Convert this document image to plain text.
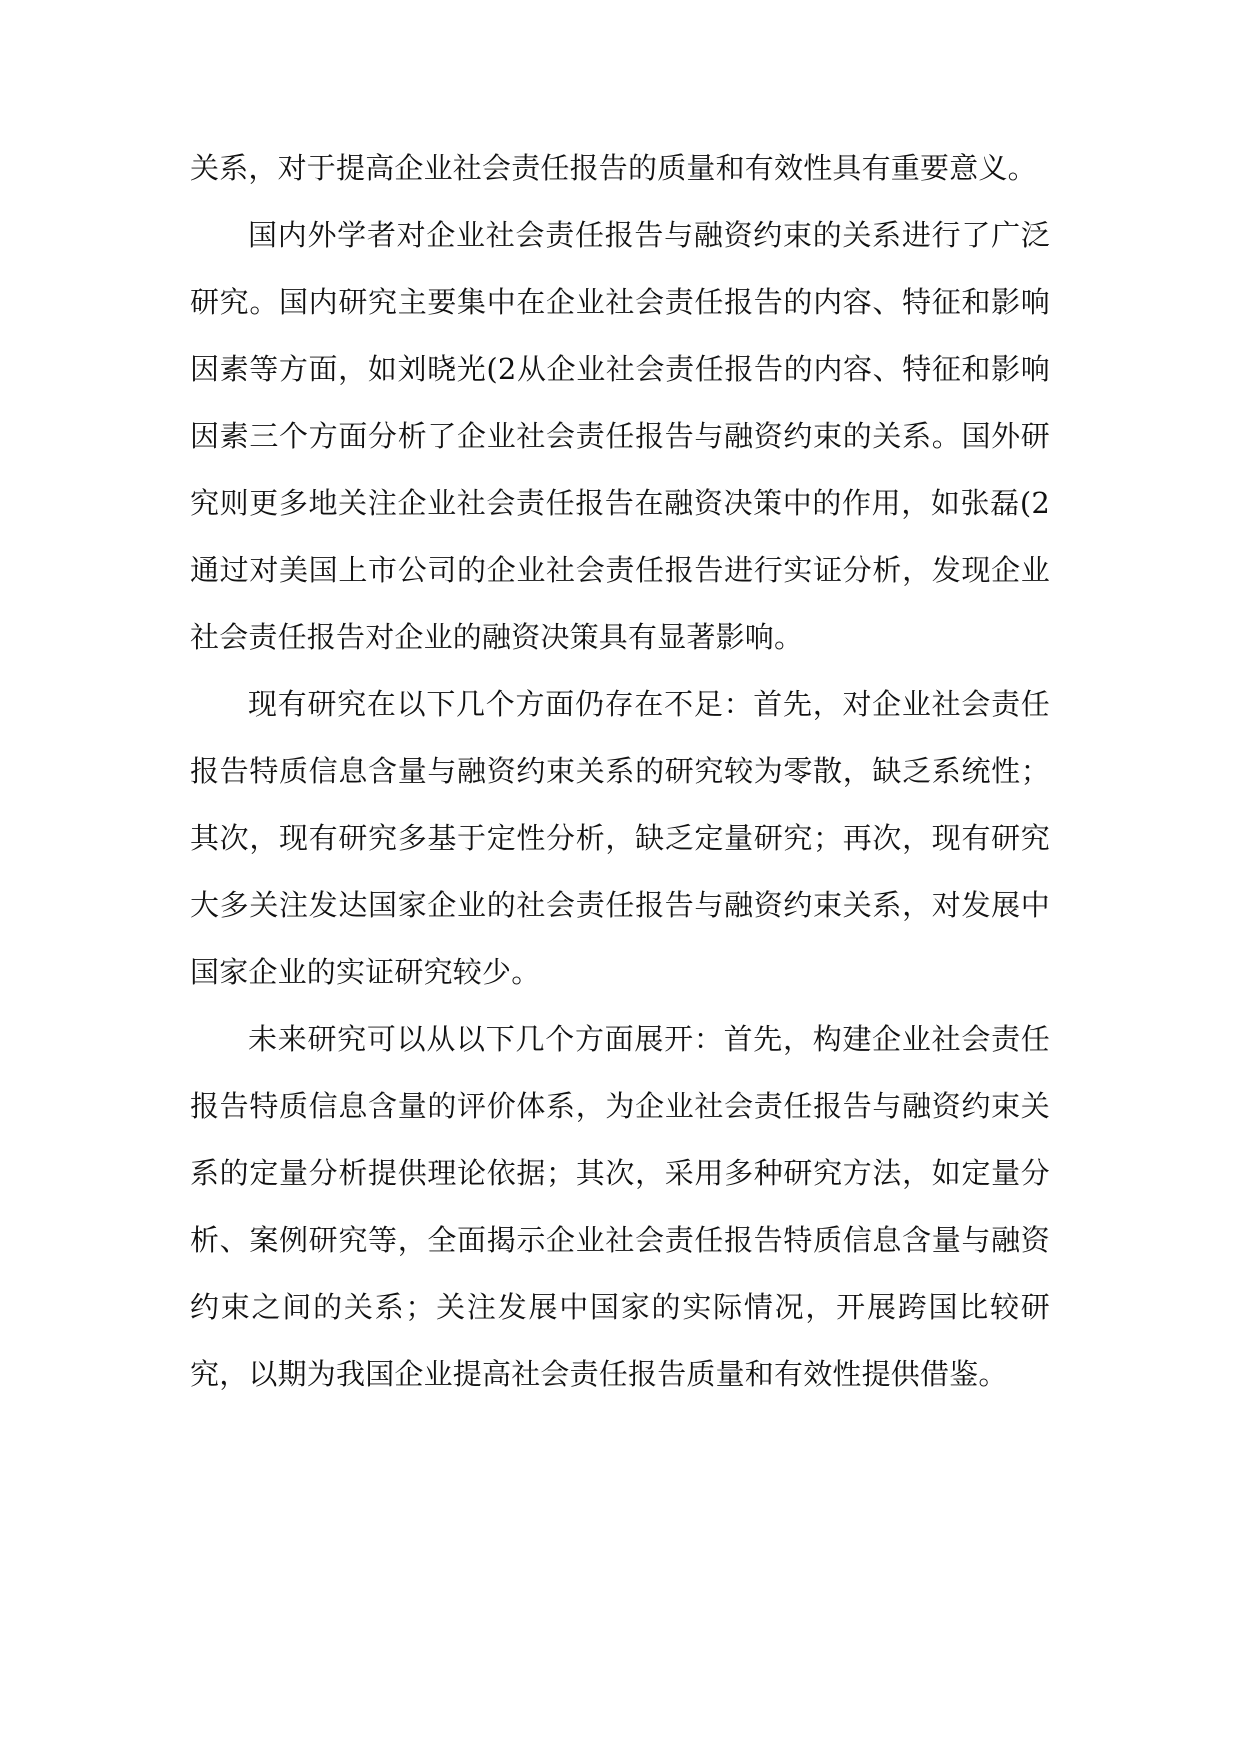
关系，对于提高企业社会责任报告的质量和有效性具有重要意义。

国内外学者对企业社会责任报告与融资约束的关系进行了广泛研究。国内研究主要集中在企业社会责任报告的内容、特征和影响因素等方面，如刘晓光(2从企业社会责任报告的内容、特征和影响因素三个方面分析了企业社会责任报告与融资约束的关系。国外研究则更多地关注企业社会责任报告在融资决策中的作用，如张磊(2通过对美国上市公司的企业社会责任报告进行实证分析，发现企业社会责任报告对企业的融资决策具有显著影响。

现有研究在以下几个方面仍存在不足：首先，对企业社会责任报告特质信息含量与融资约束关系的研究较为零散，缺乏系统性；其次，现有研究多基于定性分析，缺乏定量研究；再次，现有研究大多关注发达国家企业的社会责任报告与融资约束关系，对发展中国家企业的实证研究较少。

未来研究可以从以下几个方面展开：首先，构建企业社会责任报告特质信息含量的评价体系，为企业社会责任报告与融资约束关系的定量分析提供理论依据；其次，采用多种研究方法，如定量分析、案例研究等，全面揭示企业社会责任报告特质信息含量与融资约束之间的关系；关注发展中国家的实际情况，开展跨国比较研究，以期为我国企业提高社会责任报告质量和有效性提供借鉴。
